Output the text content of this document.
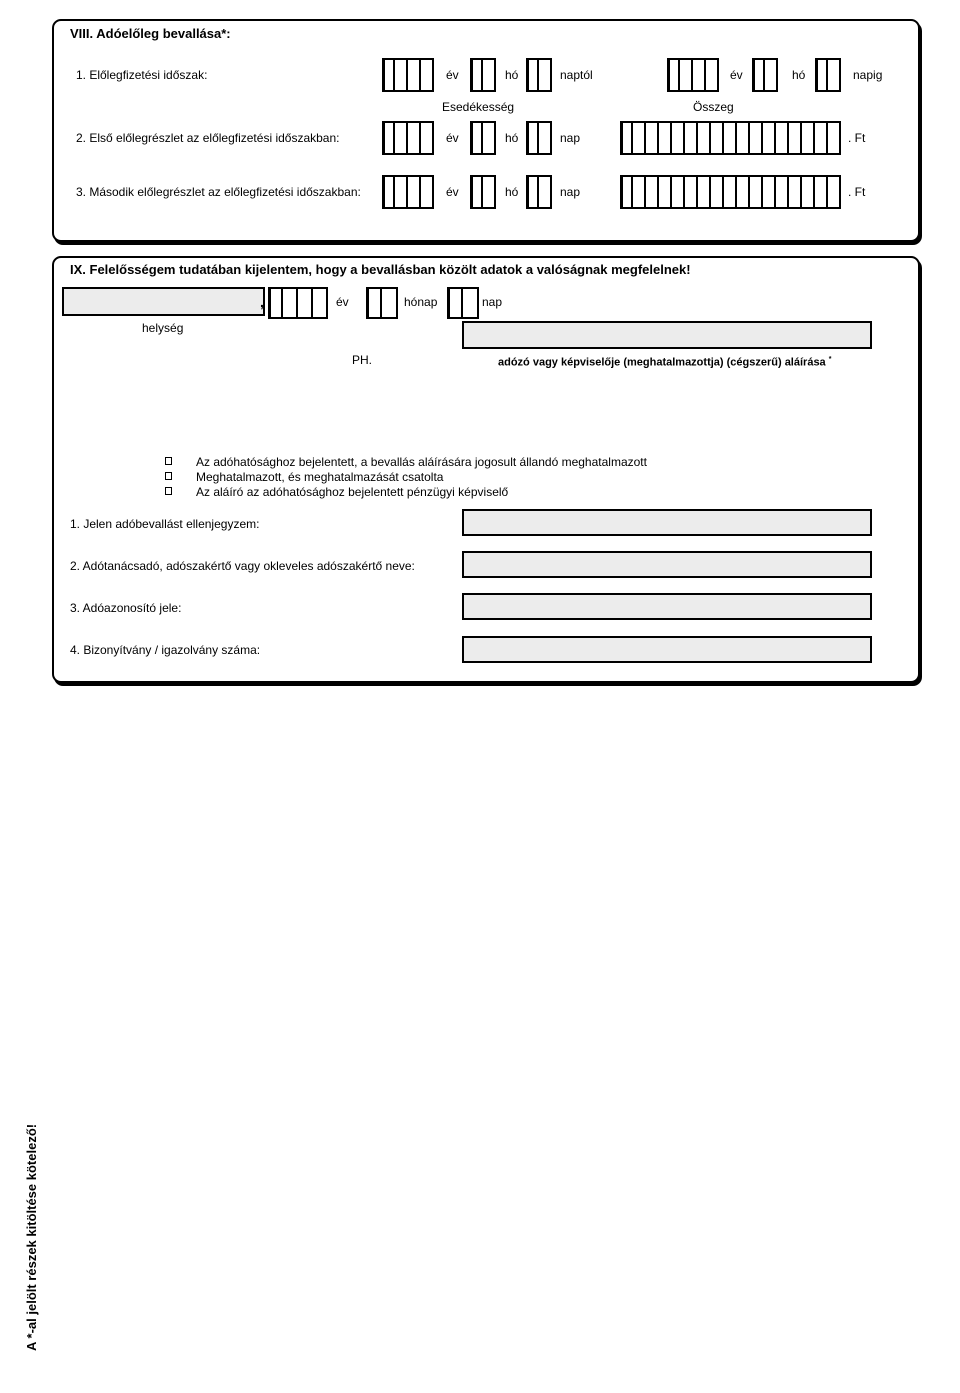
VIII. Adóelőleg bevallása*:
1. Előlegfizetési időszak:	év	hó	naptól	év	hó	napig
Esedékesség	Összeg
2. Első előlegrészlet az előlegfizetési időszakban:	év	hó	nap	. Ft
3. Második előlegrészlet az előlegfizetési időszakban:	év	hó	nap	. Ft
IX. Felelősségem tudatában kijelentem, hogy a bevallásban közölt adatok a valóságnak megfelelnek!
,	év	hónap	nap
helység
PH.	adózó vagy képviselője (meghatalmazottja) (cégszerű) aláírása *
Az adóhatósághoz bejelentett, a bevallás aláírására jogosult állandó meghatalmazott
Meghatalmazott, és meghatalmazását csatolta
Az aláíró az adóhatósághoz bejelentett pénzügyi képviselő
1. Jelen adóbevallást ellenjegyzem:
2. Adótanácsadó, adószakértő vagy okleveles adószakértő neve:
3. Adóazonosító jele:
4. Bizonyítvány / igazolvány száma:
A *-al jelölt részek kitöltése kötelező!
